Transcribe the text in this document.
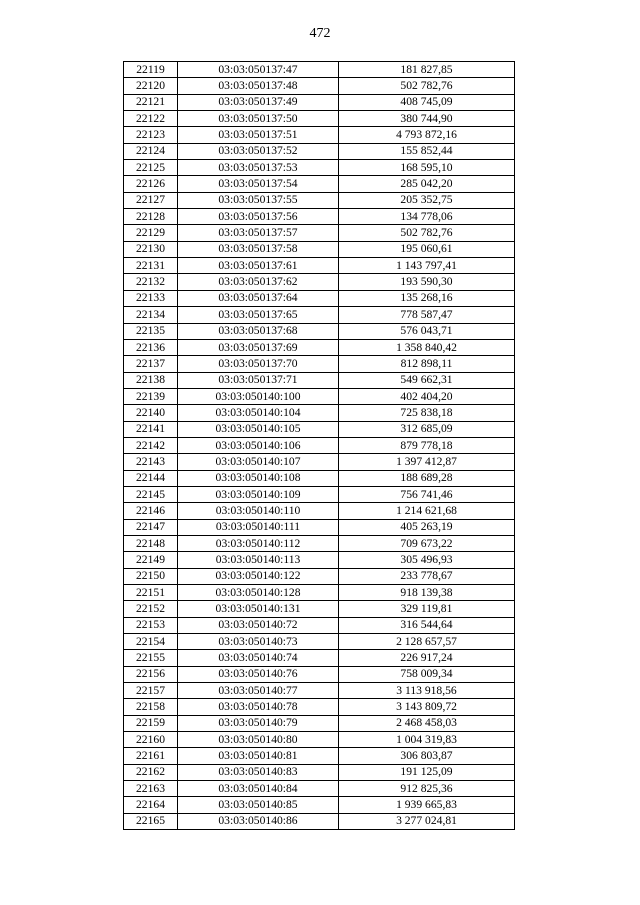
472
22119	03:03:050137:47	181 827,85
22120	03:03:050137:48	502 782,76
22121	03:03:050137:49	408 745,09
22122	03:03:050137:50	380 744,90
22123	03:03:050137:51	4 793 872,16
22124	03:03:050137:52	155 852,44
22125	03:03:050137:53	168 595,10
22126	03:03:050137:54	285 042,20
22127	03:03:050137:55	205 352,75
22128	03:03:050137:56	134 778,06
22129	03:03:050137:57	502 782,76
22130	03:03:050137:58	195 060,61
22131	03:03:050137:61	1 143 797,41
22132	03:03:050137:62	193 590,30
22133	03:03:050137:64	135 268,16
22134	03:03:050137:65	778 587,47
22135	03:03:050137:68	576 043,71
22136	03:03:050137:69	1 358 840,42
22137	03:03:050137:70	812 898,11
22138	03:03:050137:71	549 662,31
22139	03:03:050140:100	402 404,20
22140	03:03:050140:104	725 838,18
22141	03:03:050140:105	312 685,09
22142	03:03:050140:106	879 778,18
22143	03:03:050140:107	1 397 412,87
22144	03:03:050140:108	188 689,28
22145	03:03:050140:109	756 741,46
22146	03:03:050140:110	1 214 621,68
22147	03:03:050140:111	405 263,19
22148	03:03:050140:112	709 673,22
22149	03:03:050140:113	305 496,93
22150	03:03:050140:122	233 778,67
22151	03:03:050140:128	918 139,38
22152	03:03:050140:131	329 119,81
22153	03:03:050140:72	316 544,64
22154	03:03:050140:73	2 128 657,57
22155	03:03:050140:74	226 917,24
22156	03:03:050140:76	758 009,34
22157	03:03:050140:77	3 113 918,56
22158	03:03:050140:78	3 143 809,72
22159	03:03:050140:79	2 468 458,03
22160	03:03:050140:80	1 004 319,83
22161	03:03:050140:81	306 803,87
22162	03:03:050140:83	191 125,09
22163	03:03:050140:84	912 825,36
22164	03:03:050140:85	1 939 665,83
22165	03:03:050140:86	3 277 024,81
